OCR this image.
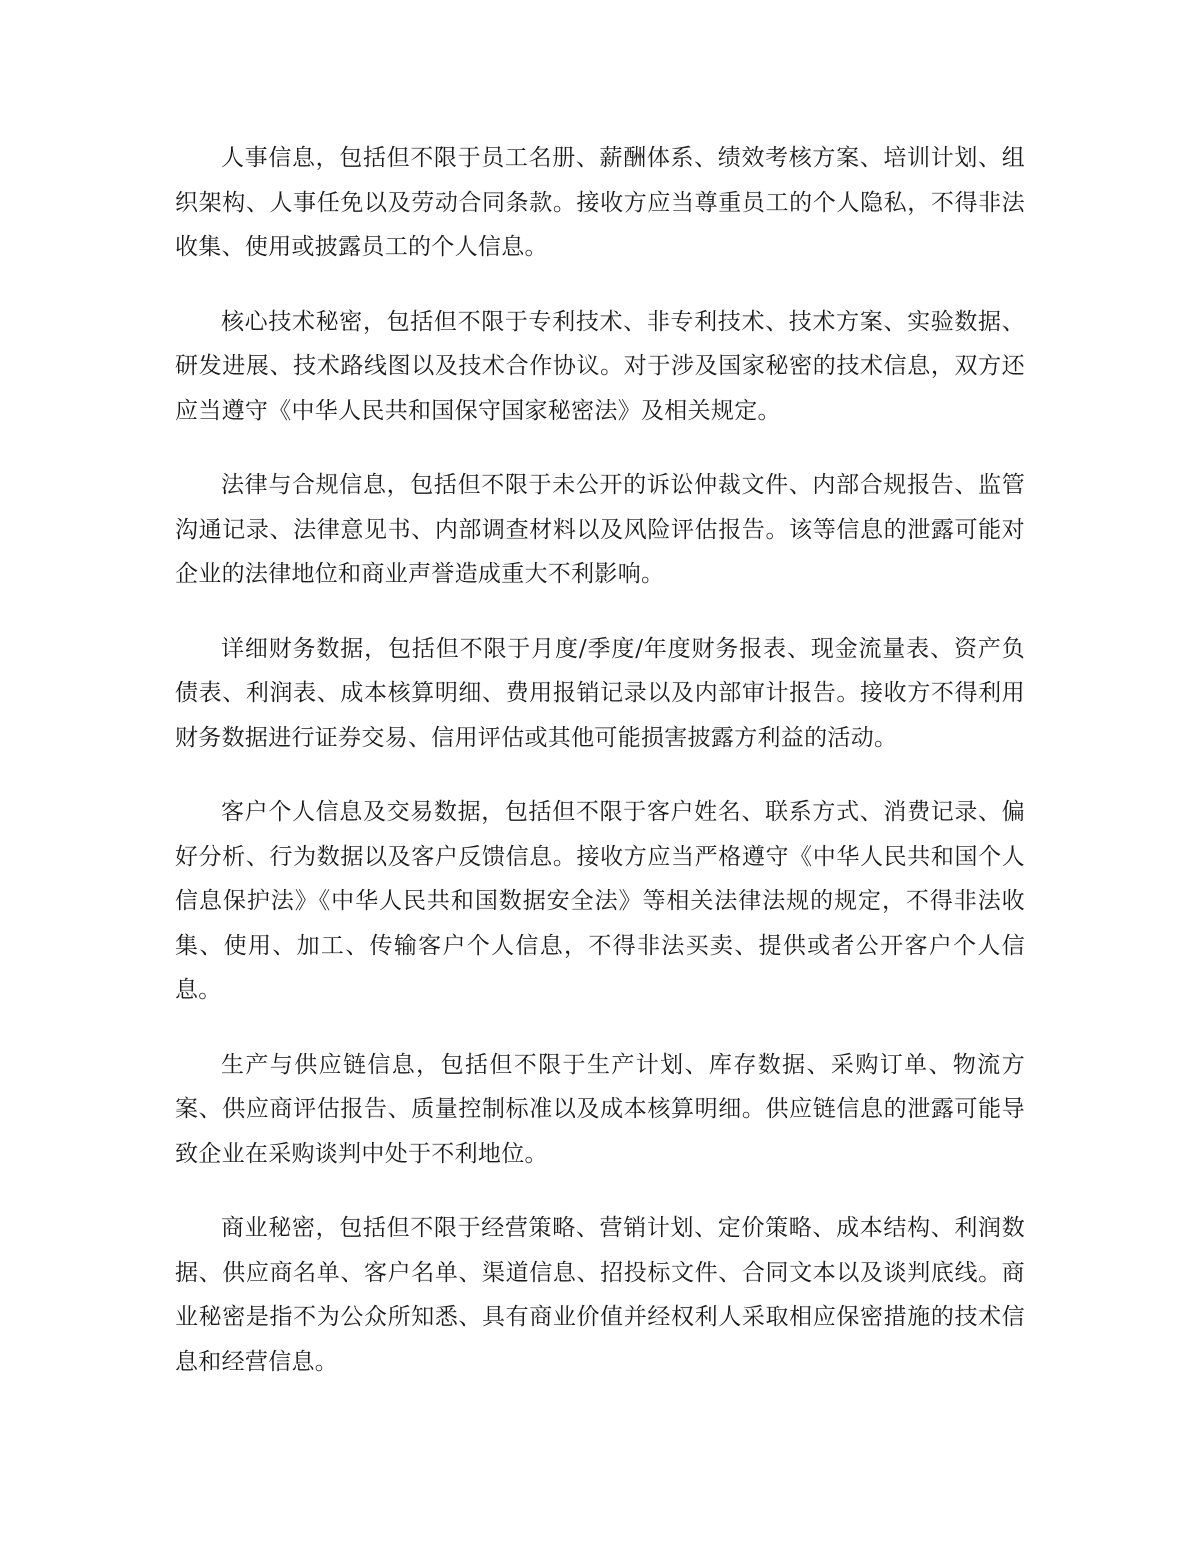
人事信息，包括但不限于员工名册、薪酬体系、绩效考核方案、培训计划、组织架构、人事任免以及劳动合同条款。接收方应当尊重员工的个人隐私，不得非法收集、使用或披露员工的个人信息。

核心技术秘密，包括但不限于专利技术、非专利技术、技术方案、实验数据、研发进展、技术路线图以及技术合作协议。对于涉及国家秘密的技术信息，双方还应当遵守《中华人民共和国保守国家秘密法》及相关规定。

法律与合规信息，包括但不限于未公开的诉讼仲裁文件、内部合规报告、监管沟通记录、法律意见书、内部调查材料以及风险评估报告。该等信息的泄露可能对企业的法律地位和商业声誉造成重大不利影响。

详细财务数据，包括但不限于月度/季度/年度财务报表、现金流量表、资产负债表、利润表、成本核算明细、费用报销记录以及内部审计报告。接收方不得利用财务数据进行证券交易、信用评估或其他可能损害披露方利益的活动。

客户个人信息及交易数据，包括但不限于客户姓名、联系方式、消费记录、偏好分析、行为数据以及客户反馈信息。接收方应当严格遵守《中华人民共和国个人信息保护法》《中华人民共和国数据安全法》等相关法律法规的规定，不得非法收集、使用、加工、传输客户个人信息，不得非法买卖、提供或者公开客户个人信息。

生产与供应链信息，包括但不限于生产计划、库存数据、采购订单、物流方案、供应商评估报告、质量控制标准以及成本核算明细。供应链信息的泄露可能导致企业在采购谈判中处于不利地位。

商业秘密，包括但不限于经营策略、营销计划、定价策略、成本结构、利润数据、供应商名单、客户名单、渠道信息、招投标文件、合同文本以及谈判底线。商业秘密是指不为公众所知悉、具有商业价值并经权利人采取相应保密措施的技术信息和经营信息。
